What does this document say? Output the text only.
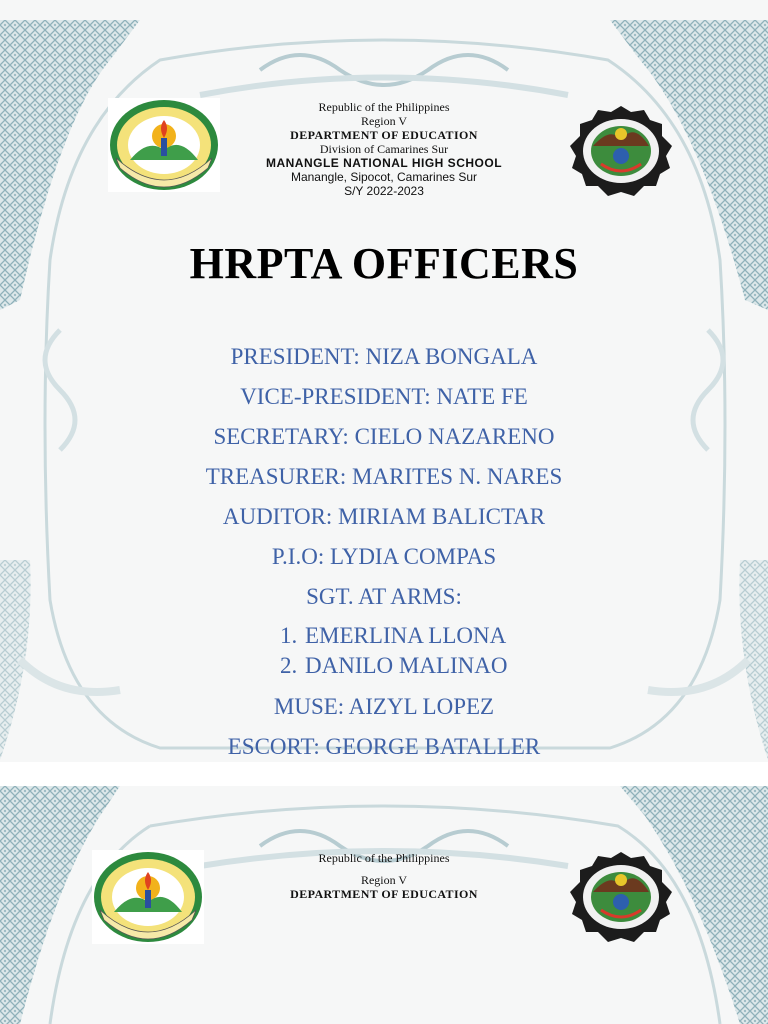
Republic of the Philippines
Region V
DEPARTMENT OF EDUCATION
Division of Camarines Sur
MANANGLE NATIONAL HIGH SCHOOL
Manangle, Sipocot, Camarines Sur
S/Y 2022-2023
HRPTA OFFICERS
PRESIDENT: NIZA BONGALA
VICE-PRESIDENT: NATE FE
SECRETARY: CIELO NAZARENO
TREASURER: MARITES N. NARES
AUDITOR: MIRIAM BALICTAR
P.I.O: LYDIA COMPAS
SGT. AT ARMS:
1. EMERLINA LLONA
2. DANILO MALINAO
MUSE: AIZYL LOPEZ
ESCORT: GEORGE BATALLER
Republic of the Philippines
Region V
DEPARTMENT OF EDUCATION
